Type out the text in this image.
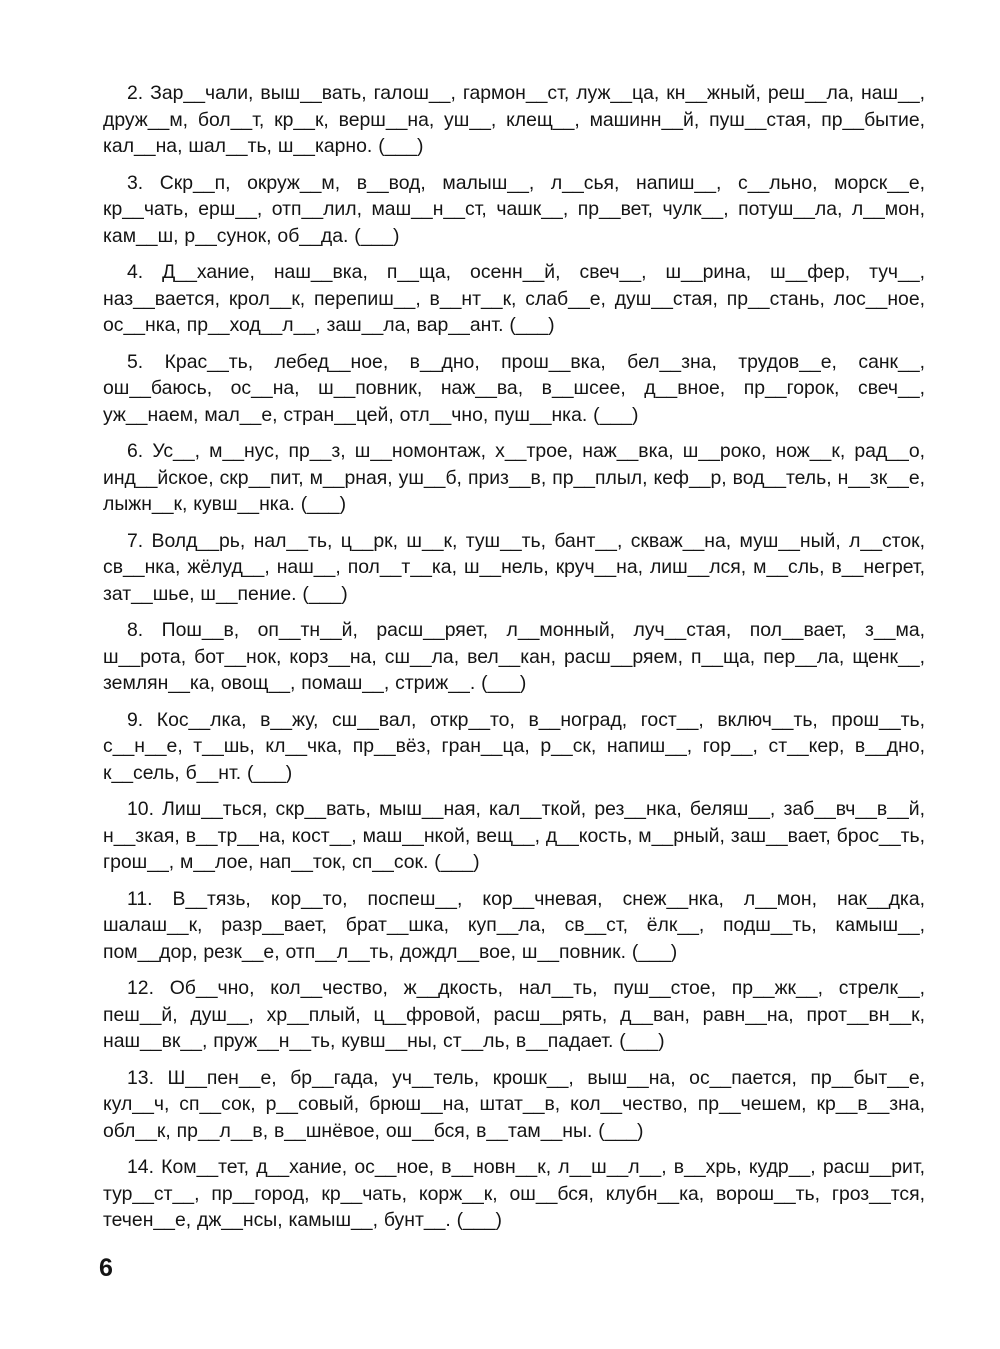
2. Зар__чали, выш__вать, галош__, гармон__ст, луж__ца, кн__жный, реш__ла, наш__, друж__м, бол__т, кр__к, верш__на, уш__, клещ__, машинн__й, пуш__стая, пр__бытие, кал__на, шал__ть, ш__карно. (___)

3. Скр__п, окруж__м, в__вод, малыш__, л__сья, напиш__, с__льно, морск__е, кр__чать, ерш__, отп__лил, маш__н__ст, чашк__, пр__вет, чулк__, потуш__ла, л__мон, кам__ш, р__сунок, об__да. (___)

4. Д__хание, наш__вка, п__ща, осенн__й, свеч__, ш__рина, ш__фер, туч__, наз__вается, крол__к, перепиш__, в__нт__к, слаб__е, душ__стая, пр__стань, лос__ное, ос__нка, пр__ход__л__, заш__ла, вар__ант. (___)

5. Крас__ть, лебед__ное, в__дно, прош__вка, бел__зна, трудов__е, санк__, ош__баюсь, ос__на, ш__повник, наж__ва, в__шсее, д__вное, пр__горок, свеч__, уж__наем, мал__е, стран__цей, отл__чно, пуш__нка. (___)

6. Ус__, м__нус, пр__з, ш__номонтаж, х__трое, наж__вка, ш__роко, нож__к, рад__о, инд__йское, скр__пит, м__рная, уш__б, приз__в, пр__плыл, кеф__р, вод__тель, н__зк__е, лыжн__к, кувш__нка. (___)

7. Волд__рь, нал__ть, ц__рк, ш__к, туш__ть, бант__, скваж__на, муш__ный, л__сток, св__нка, жёлуд__, наш__, пол__т__ка, ш__нель, круч__на, лиш__лся, м__сль, в__негрет, зат__шье, ш__пение. (___)

8. Пош__в, оп__тн__й, расш__ряет, л__монный, луч__стая, пол__вает, з__ма, ш__рота, бот__нок, корз__на, сш__ла, вел__кан, расш__ряем, п__ща, пер__ла, щенк__, землян__ка, овощ__, помаш__, стриж__. (___)

9. Кос__лка, в__жу, сш__вал, откр__то, в__ноград, гост__, включ__ть, прош__ть, с__н__е, т__шь, кл__чка, пр__вёз, гран__ца, р__ск, напиш__, гор__, ст__кер, в__дно, к__сель, б__нт. (___)

10. Лиш__ться, скр__вать, мыш__ная, кал__ткой, рез__нка, беляш__, заб__вч__в__й, н__зкая, в__тр__на, кост__, маш__нкой, вещ__, д__кость, м__рный, заш__вает, брос__ть, грош__, м__лое, нап__ток, сп__сок. (___)

11. В__тязь, кор__то, поспеш__, кор__чневая, снеж__нка, л__мон, нак__дка, шалаш__к, разр__вает, брат__шка, куп__ла, св__ст, ёлк__, подш__ть, камыш__, пом__дор, резк__е, отп__л__ть, дождл__вое, ш__повник. (___)

12. Об__чно, кол__чество, ж__дкость, нал__ть, пуш__стое, пр__жк__, стрелк__, пеш__й, душ__, хр__плый, ц__фровой, расш__рять, д__ван, равн__на, прот__вн__к, наш__вк__, пруж__н__ть, кувш__ны, ст__ль, в__падает. (___)

13. Ш__пен__е, бр__гада, уч__тель, крошк__, выш__на, ос__пается, пр__быт__е, кул__ч, сп__сок, р__совый, брюш__на, штат__в, кол__чество, пр__чешем, кр__в__зна, обл__к, пр__л__в, в__шнёвое, ош__бся, в__там__ны. (___)

14. Ком__тет, д__хание, ос__ное, в__новн__к, л__ш__л__, в__хрь, кудр__, расш__рит, тур__ст__, пр__город, кр__чать, корж__к, ош__бся, клубн__ка, ворош__ть, гроз__тся, течен__е, дж__нсы, камыш__, бунт__. (___)

6
